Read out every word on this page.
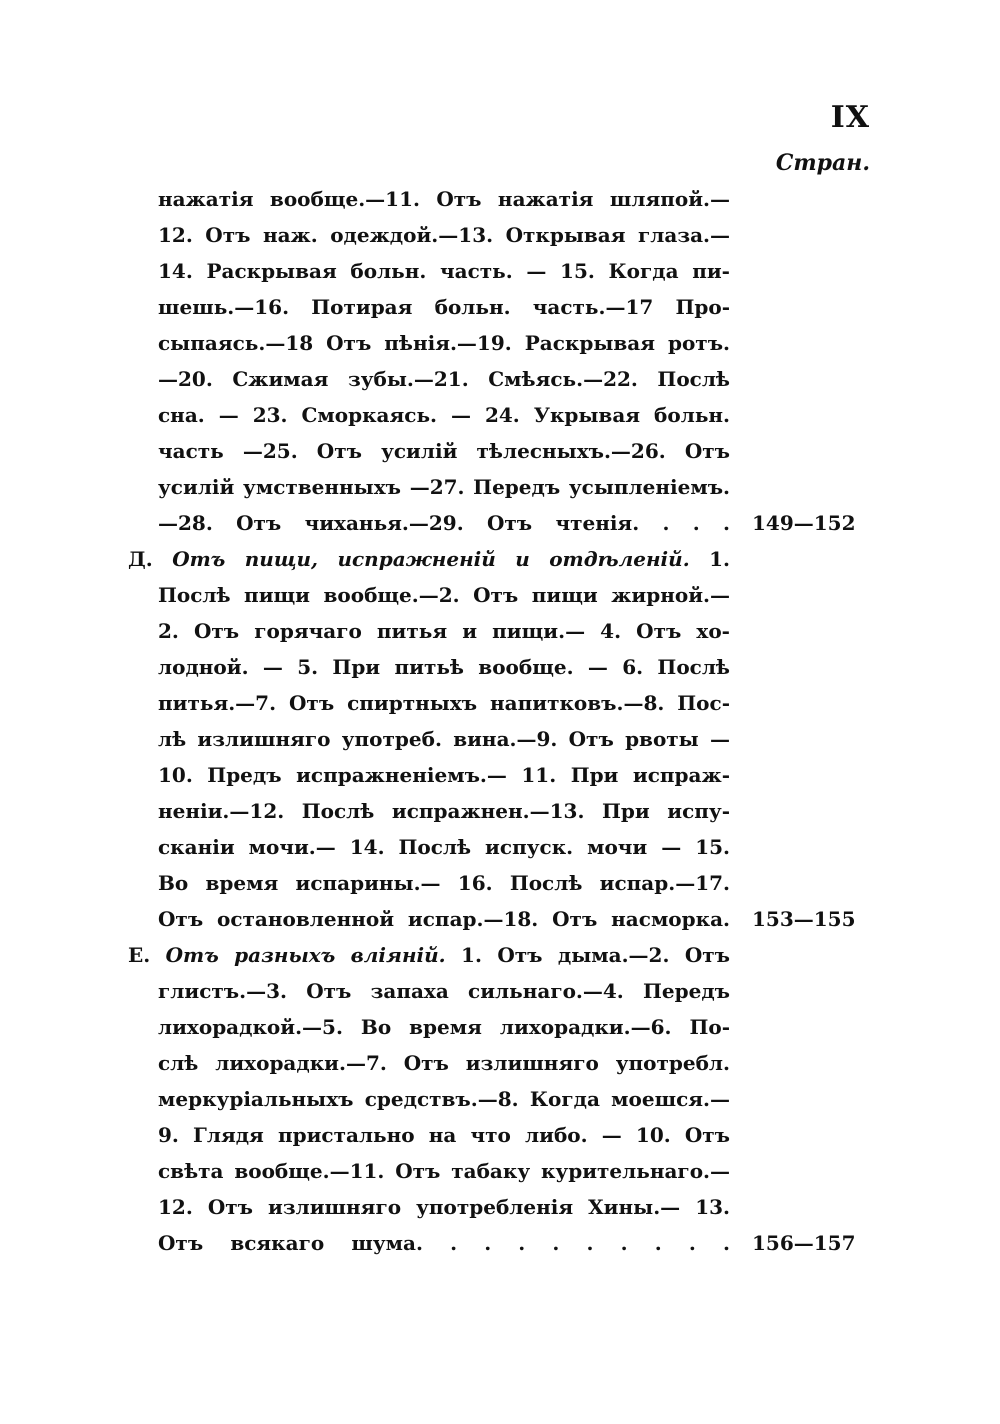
IX
Стран.
нажатія вообще.—11. Отъ нажатія шляпой.—
12. Отъ наж. одеждой.—13. Открывая глаза.—
14. Раскрывая больн. часть. — 15. Когда пи-
шешь.—16. Потирая больн. часть.—17 Про-
сыпаясь.—18 Отъ пѣнія.—19. Раскрывая ротъ.
—20. Сжимая зубы.—21. Смѣясь.—22. Послѣ
сна. — 23. Сморкаясь. — 24. Укрывая больн.
часть —25. Отъ усилій тѣлесныхъ.—26. Отъ
усилій умственныхъ —27. Передъ усыпленіемъ.
—28. Отъ чиханья.—29. Отъ чтенія. . . . 149—152
Д. Отъ пищи, испражненій и отдѣленій. 1.
Послѣ пищи вообще.—2. Отъ пищи жирной.—
2. Отъ горячаго питья и пищи.— 4. Отъ хо-
лодной. — 5. При питьѣ вообще. — 6. Послѣ
питья.—7. Отъ спиртныхъ напитковъ.—8. Пос-
лѣ излишняго употреб. вина.—9. Отъ рвоты —
10. Предъ испражненіемъ.— 11. При испраж-
неніи.—12. Послѣ испражнен.—13. При испу-
сканіи мочи.— 14. Послѣ испуск. мочи — 15.
Во время испарины.— 16. Послѣ испар.—17.
Отъ остановленной испар.—18. Отъ насморка. 153—155
Е. Отъ разныхъ вліяній. 1. Отъ дыма.—2. Отъ
глистъ.—3. Отъ запаха сильнаго.—4. Передъ
лихорадкой.—5. Во время лихорадки.—6. По-
слѣ лихорадки.—7. Отъ излишняго употребл.
меркуріальныхъ средствъ.—8. Когда моешся.—
9. Глядя пристально на что либо. — 10. Отъ
свѣта вообще.—11. Отъ табаку курительнаго.—
12. Отъ излишняго употребленія Хины.— 13.
Отъ всякаго шума. . . . . . . . . . 156—157
